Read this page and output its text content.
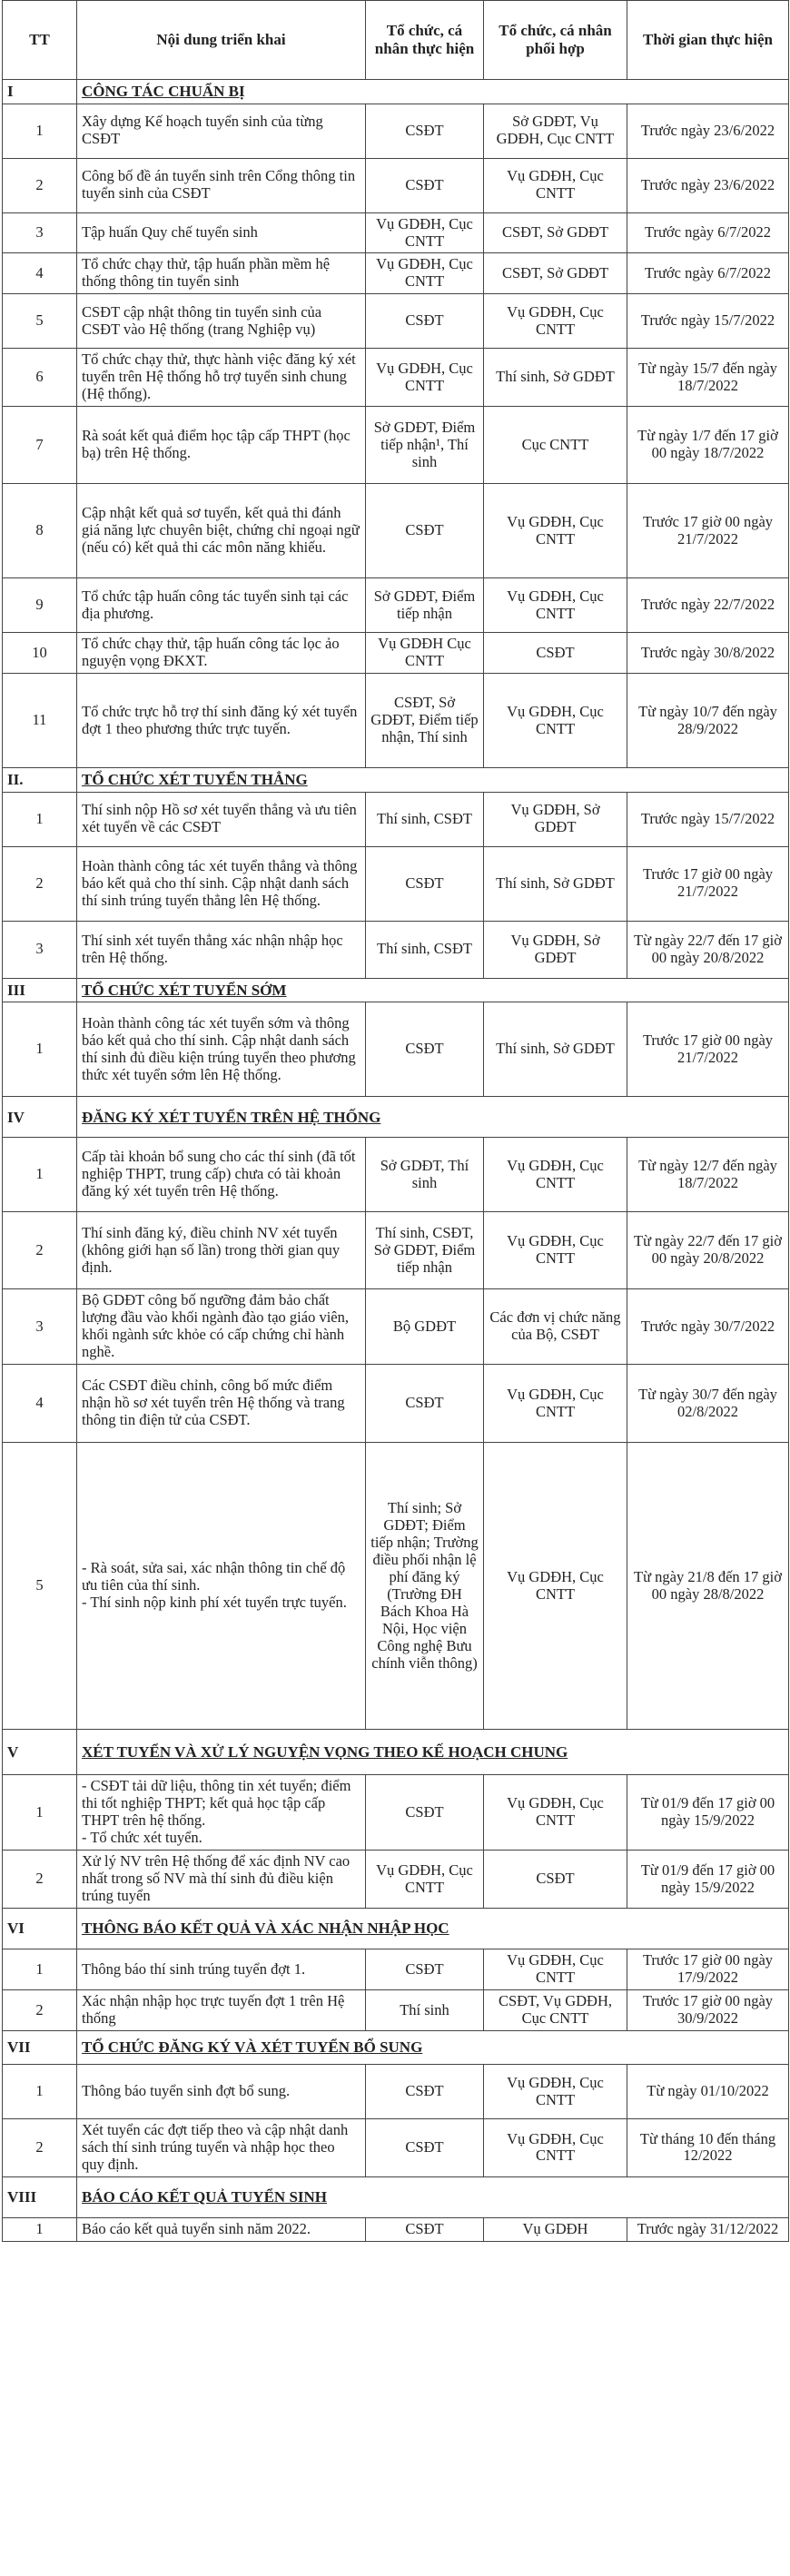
TT	Nội dung triển khai	Tổ chức, cá nhân thực hiện	Tổ chức, cá nhân phối hợp	Thời gian thực hiện
I	CÔNG TÁC CHUẨN BỊ			
1	Xây dựng Kế hoạch tuyển sinh của từng CSĐT	CSĐT	Sở GDĐT, Vụ GDĐH, Cục CNTT	Trước ngày 23/6/2022
2	Công bố đề án tuyển sinh trên Cổng thông tin tuyển sinh của CSĐT	CSĐT	Vụ GDĐH, Cục CNTT	Trước ngày 23/6/2022
3	Tập huấn Quy chế tuyển sinh	Vụ GDĐH, Cục CNTT	CSĐT, Sở GDĐT	Trước ngày 6/7/2022
4	Tổ chức chạy thử, tập huấn phần mềm hệ thống thông tin tuyển sinh	Vụ GDĐH, Cục CNTT	CSĐT, Sở GDĐT	Trước ngày 6/7/2022
5	CSĐT cập nhật thông tin tuyển sinh của CSĐT vào Hệ thống (trang Nghiệp vụ)	CSĐT	Vụ GDĐH, Cục CNTT	Trước ngày 15/7/2022
6	Tổ chức chạy thử, thực hành việc đăng ký xét tuyển trên Hệ thống hỗ trợ tuyển sinh chung (Hệ thống).	Vụ GDĐH, Cục CNTT	Thí sinh, Sở GDĐT	Từ ngày 15/7 đến ngày 18/7/2022
7	Rà soát kết quả điểm học tập cấp THPT (học bạ) trên Hệ thống.	Sở GDĐT, Điểm tiếp nhận¹, Thí sinh	Cục CNTT	Từ ngày 1/7 đến 17 giờ 00 ngày 18/7/2022
8	Cập nhật kết quả sơ tuyển, kết quả thi đánh giá năng lực chuyên biệt, chứng chỉ ngoại ngữ (nếu có) kết quả thi các môn năng khiếu.	CSĐT	Vụ GDĐH, Cục CNTT	Trước 17 giờ 00 ngày 21/7/2022
9	Tổ chức tập huấn công tác tuyển sinh tại các địa phương.	Sở GDĐT, Điểm tiếp nhận	Vụ GDĐH, Cục CNTT	Trước ngày 22/7/2022
10	Tổ chức chạy thử, tập huấn công tác lọc ảo nguyện vọng ĐKXT.	Vụ GDĐH Cục CNTT	CSĐT	Trước ngày 30/8/2022
11	Tổ chức trực hỗ trợ thí sinh đăng ký xét tuyển đợt 1 theo phương thức trực tuyến.	CSĐT, Sở GDĐT, Điểm tiếp nhận, Thí sinh	Vụ GDĐH, Cục CNTT	Từ ngày 10/7 đến ngày 28/9/2022
II.	TỔ CHỨC XÉT TUYỂN THẲNG			
1	Thí sinh nộp Hồ sơ xét tuyển thẳng và ưu tiên xét tuyển về các CSĐT	Thí sinh, CSĐT	Vụ GDĐH, Sở GDĐT	Trước ngày 15/7/2022
2	Hoàn thành công tác xét tuyển thẳng và thông báo kết quả cho thí sinh. Cập nhật danh sách thí sinh trúng tuyển thẳng lên Hệ thống.	CSĐT	Thí sinh, Sở GDĐT	Trước 17 giờ 00 ngày 21/7/2022
3	Thí sinh xét tuyển thẳng xác nhận nhập học trên Hệ thống.	Thí sinh, CSĐT	Vụ GDĐH, Sở GDĐT	Từ ngày 22/7 đến 17 giờ 00 ngày 20/8/2022
III	TỔ CHỨC XÉT TUYỂN SỚM			
1	Hoàn thành công tác xét tuyển sớm và thông báo kết quả cho thí sinh. Cập nhật danh sách thí sinh đủ điều kiện trúng tuyển theo phương thức xét tuyển sớm lên Hệ thống.	CSĐT	Thí sinh, Sở GDĐT	Trước 17 giờ 00 ngày 21/7/2022
IV	ĐĂNG KÝ XÉT TUYỂN TRÊN HỆ THỐNG			
1	Cấp tài khoản bổ sung cho các thí sinh (đã tốt nghiệp THPT, trung cấp) chưa có tài khoản đăng ký xét tuyển trên Hệ thống.	Sở GDĐT, Thí sinh	Vụ GDĐH, Cục CNTT	Từ ngày 12/7 đến ngày 18/7/2022
2	Thí sinh đăng ký, điều chỉnh NV xét tuyển (không giới hạn số lần) trong thời gian quy định.	Thí sinh, CSĐT, Sở GDĐT, Điểm tiếp nhận	Vụ GDĐH, Cục CNTT	Từ ngày 22/7 đến 17 giờ 00 ngày 20/8/2022
3	Bộ GDĐT công bố ngưỡng đảm bảo chất lượng đầu vào khối ngành đào tạo giáo viên, khối ngành sức khỏe có cấp chứng chỉ hành nghề.	Bộ GDĐT	Các đơn vị chức năng của Bộ, CSĐT	Trước ngày 30/7/2022
4	Các CSĐT điều chỉnh, công bố mức điểm nhận hồ sơ xét tuyển trên Hệ thống và trang thông tin điện tử của CSĐT.	CSĐT	Vụ GDĐH, Cục CNTT	Từ ngày 30/7 đến ngày 02/8/2022
5	- Rà soát, sửa sai, xác nhận thông tin chế độ ưu tiên của thí sinh.
- Thí sinh nộp kinh phí xét tuyển trực tuyến.	Thí sinh; Sở GDĐT; Điểm tiếp nhận; Trường điều phối nhận lệ phí đăng ký (Trường ĐH Bách Khoa Hà Nội, Học viện Công nghệ Bưu chính viễn thông)	Vụ GDĐH, Cục CNTT	Từ ngày 21/8 đến 17 giờ 00 ngày 28/8/2022
V	XÉT TUYỂN VÀ XỬ LÝ NGUYỆN VỌNG THEO KẾ HOẠCH CHUNG			
1	- CSĐT tải dữ liệu, thông tin xét tuyển; điểm thi tốt nghiệp THPT; kết quả học tập cấp THPT trên hệ thống.
- Tổ chức xét tuyển.	CSĐT	Vụ GDĐH, Cục CNTT	Từ 01/9 đến 17 giờ 00 ngày 15/9/2022
2	Xử lý NV trên Hệ thống để xác định NV cao nhất trong số NV mà thí sinh đủ điều kiện trúng tuyển	Vụ GDĐH, Cục CNTT	CSĐT	Từ 01/9 đến 17 giờ 00 ngày 15/9/2022
VI	THÔNG BÁO KẾT QUẢ VÀ XÁC NHẬN NHẬP HỌC			
1	Thông báo thí sinh trúng tuyển đợt 1.	CSĐT	Vụ GDĐH, Cục CNTT	Trước 17 giờ 00 ngày 17/9/2022
2	Xác nhận nhập học trực tuyến đợt 1 trên Hệ thống	Thí sinh	CSĐT, Vụ GDĐH, Cục CNTT	Trước 17 giờ 00 ngày 30/9/2022
VII	TỔ CHỨC ĐĂNG KÝ VÀ XÉT TUYỂN BỔ SUNG			
1	Thông báo tuyển sinh đợt bổ sung.	CSĐT	Vụ GDĐH, Cục CNTT	Từ ngày 01/10/2022
2	Xét tuyển các đợt tiếp theo và cập nhật danh sách thí sinh trúng tuyển và nhập học theo quy định.	CSĐT	Vụ GDĐH, Cục CNTT	Từ tháng 10 đến tháng 12/2022
VIII	BÁO CÁO KẾT QUẢ TUYỂN SINH			
1	Báo cáo kết quả tuyển sinh năm 2022.	CSĐT	Vụ GDĐH	Trước ngày 31/12/2022
